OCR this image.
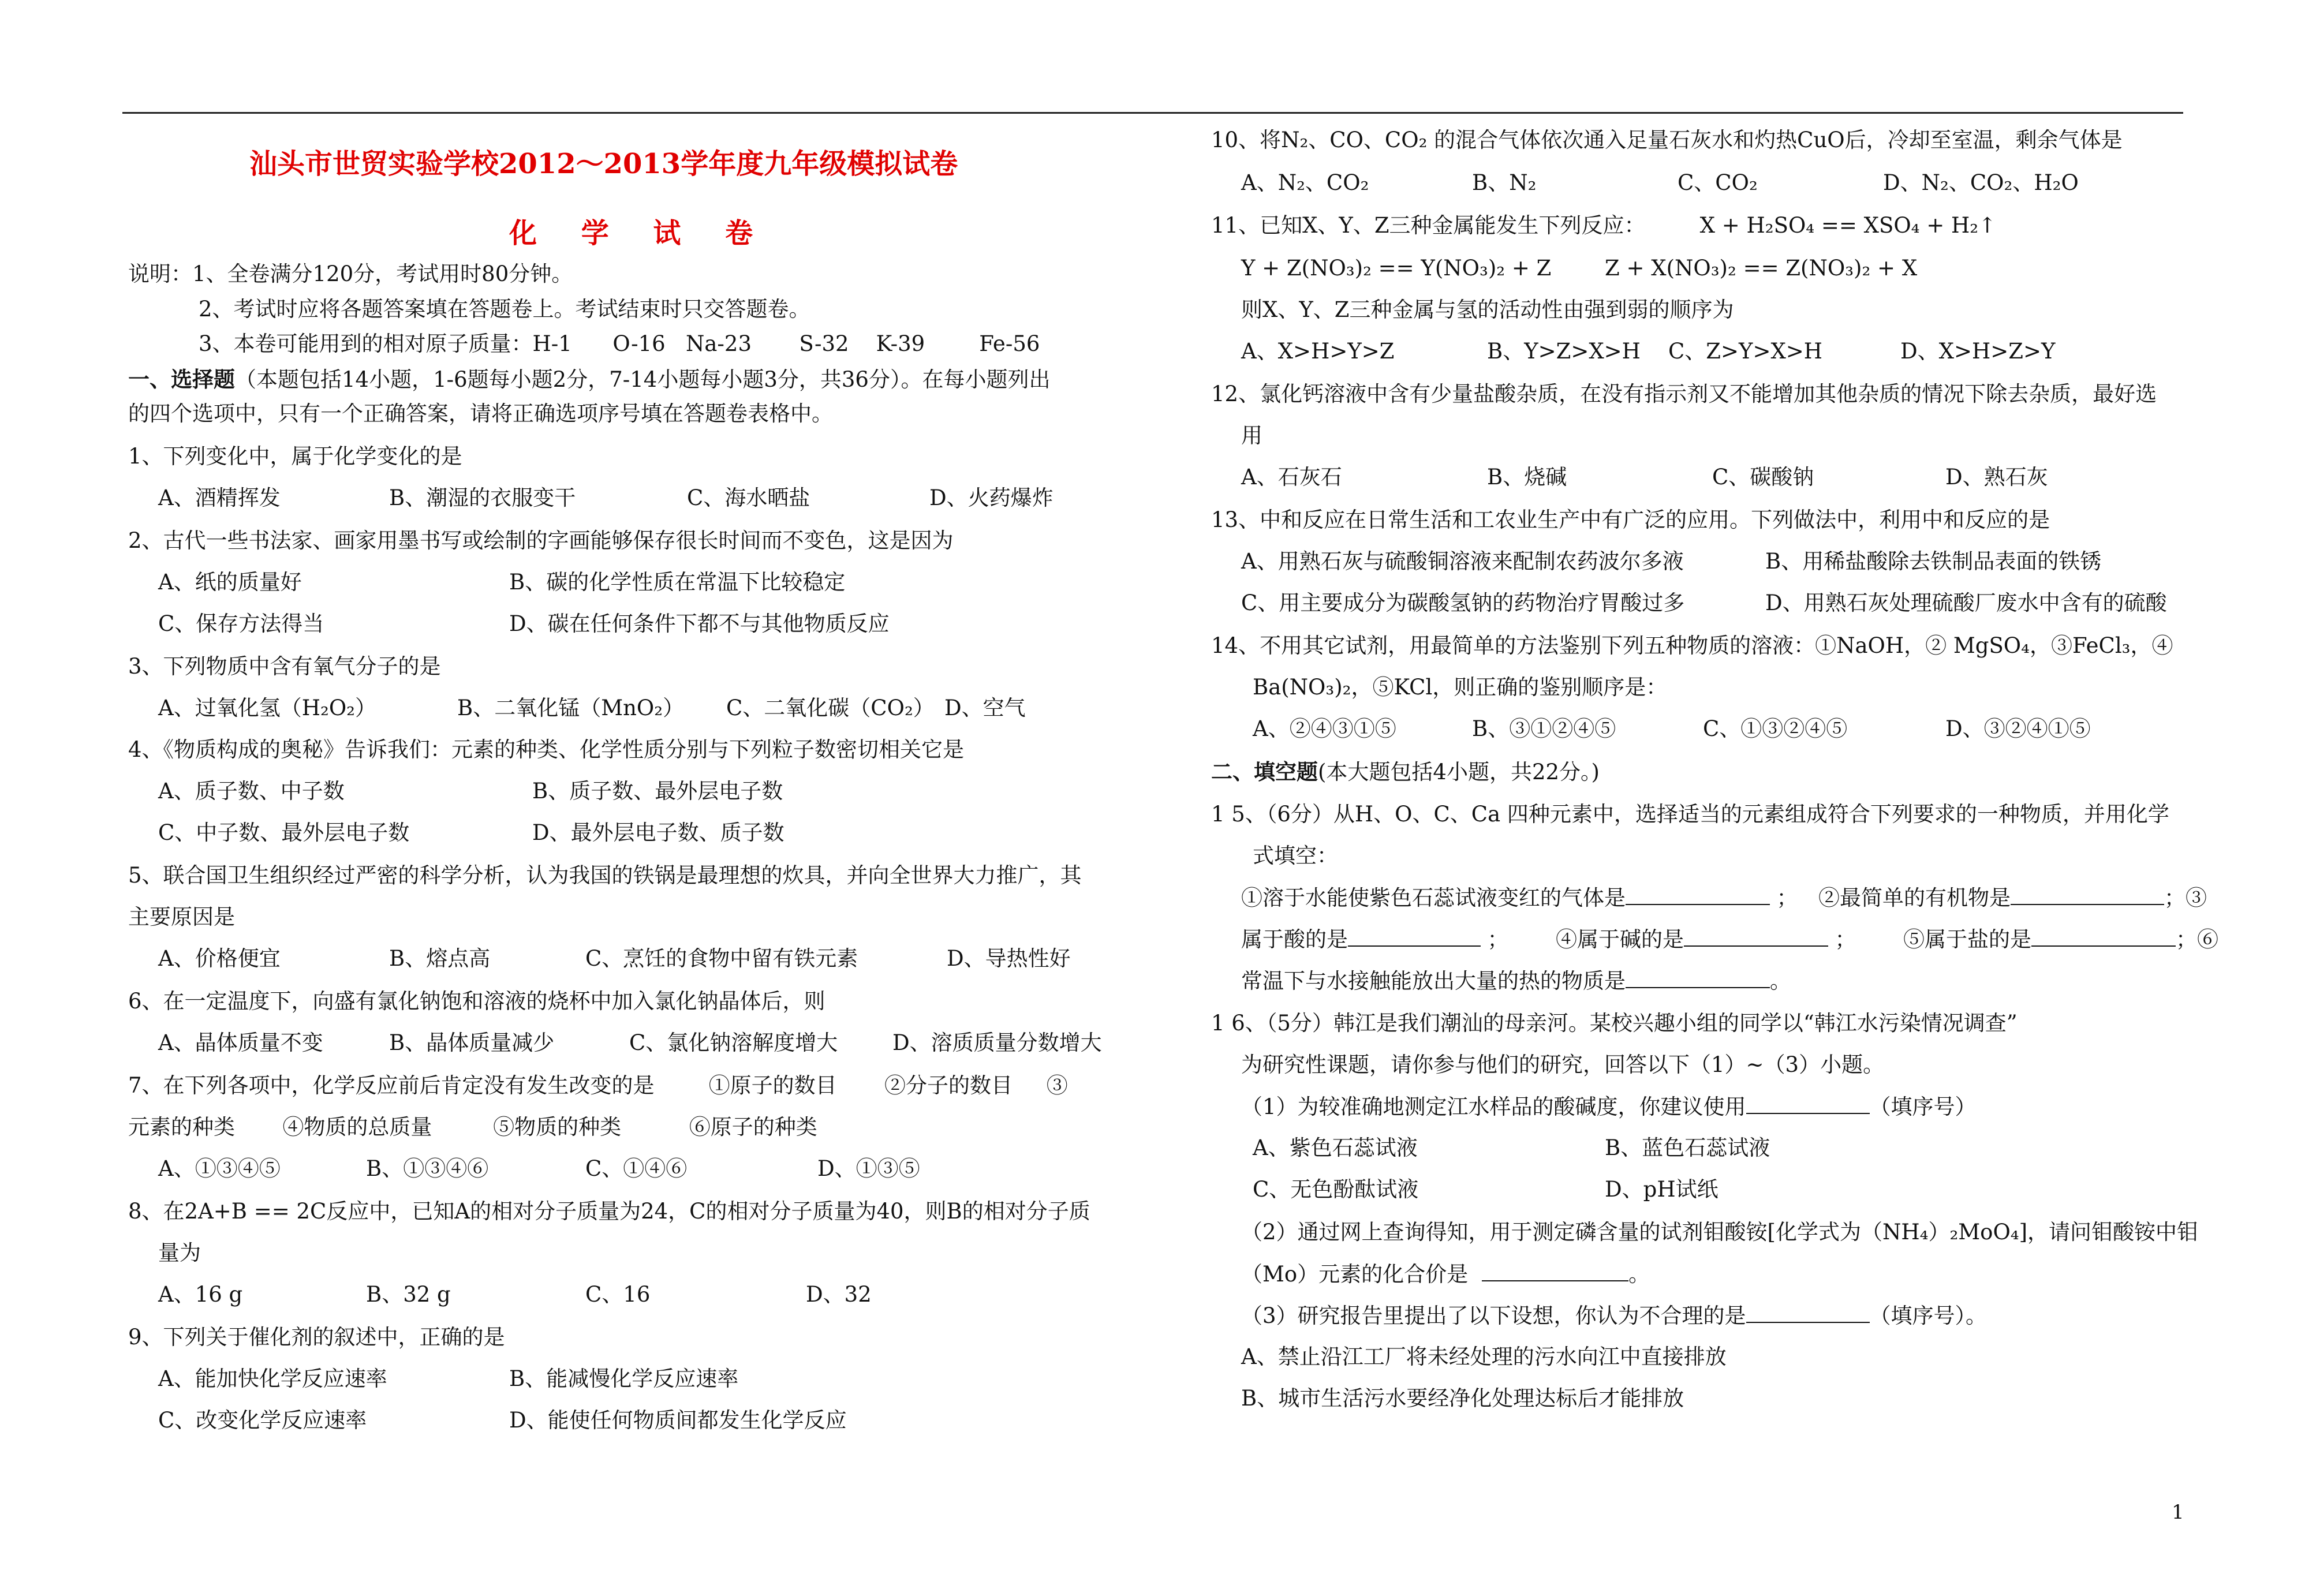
汕头市世贸实验学校2012～2013学年度九年级模拟试卷
化 学 试 卷
说明：1、全卷满分120分，考试用时80分钟。
2、考试时应将各题答案填在答题卷上。考试结束时只交答题卷。
3、本卷可能用到的相对原子质量：H-1      O-16   Na-23       S-32    K-39        Fe-56
一、选择题（本题包括14小题，1-6题每小题2分，7-14小题每小题3分，共36分）。在每小题列出
的四个选项中，只有一个正确答案，请将正确选项序号填在答题卷表格中。
1、下列变化中，属于化学变化的是
A、酒精挥发	B、潮湿的衣服变干	C、海水晒盐	D、火药爆炸
2、古代一些书法家、画家用墨书写或绘制的字画能够保存很长时间而不变色，这是因为
A、纸的质量好	B、碳的化学性质在常温下比较稳定
C、保存方法得当	D、碳在任何条件下都不与其他物质反应
3、下列物质中含有氧气分子的是
A、过氧化氢（H₂O₂）	B、二氧化锰（MnO₂） C、二氧化碳（CO₂） D、空气
4、《物质构成的奥秘》告诉我们：元素的种类、化学性质分别与下列粒子数密切相关它是
A、质子数、中子数	B、质子数、最外层电子数
C、中子数、最外层电子数	D、最外层电子数、质子数
5、联合国卫生组织经过严密的科学分析，认为我国的铁锅是最理想的炊具，并向全世界大力推广，其
主要原因是
A、价格便宜	B、熔点高	C、烹饪的食物中留有铁元素	D、导热性好
6、在一定温度下，向盛有氯化钠饱和溶液的烧杯中加入氯化钠晶体后，则
A、晶体质量不变	B、晶体质量减少	C、氯化钠溶解度增大	D、溶质质量分数增大
7、在下列各项中，化学反应前后肯定没有发生改变的是        ①原子的数目       ②分子的数目     ③
元素的种类       ④物质的总质量         ⑤物质的种类          ⑥原子的种类
A、①③④⑤	B、①③④⑥	C、①④⑥	D、①③⑤
8、在2A+B == 2C反应中，已知A的相对分子质量为24，C的相对分子质量为40，则B的相对分子质
量为
A、16 g	B、32 g	C、16	D、32
9、下列关于催化剂的叙述中，正确的是
A、能加快化学反应速率	B、能减慢化学反应速率
C、改变化学反应速率	D、能使任何物质间都发生化学反应
10、将N₂、CO、CO₂ 的混合气体依次通入足量石灰水和灼热CuO后，冷却至室温，剩余气体是
A、N₂、CO₂	B、N₂	C、CO₂	D、N₂、CO₂、H₂O
11、已知X、Y、Z三种金属能发生下列反应：        X + H₂SO₄ == XSO₄ + H₂↑
Y + Z(NO₃)₂ == Y(NO₃)₂ + Z	Z + X(NO₃)₂ == Z(NO₃)₂ + X
则X、Y、Z三种金属与氢的活动性由强到弱的顺序为
A、X>H>Y>Z	B、Y>Z>X>H C、Z>Y>X>H	D、X>H>Z>Y
12、氯化钙溶液中含有少量盐酸杂质，在没有指示剂又不能增加其他杂质的情况下除去杂质，最好选
用
A、石灰石	B、烧碱	C、碳酸钠	D、熟石灰
13、中和反应在日常生活和工农业生产中有广泛的应用。下列做法中，利用中和反应的是
A、用熟石灰与硫酸铜溶液来配制农药波尔多液	B、用稀盐酸除去铁制品表面的铁锈
C、用主要成分为碳酸氢钠的药物治疗胃酸过多	D、用熟石灰处理硫酸厂废水中含有的硫酸
14、不用其它试剂，用最简单的方法鉴别下列五种物质的溶液：①NaOH，② MgSO₄，③FeCl₃，④
Ba(NO₃)₂，⑤KCl，则正确的鉴别顺序是：
A、②④③①⑤	B、③①②④⑤	C、①③②④⑤	D、③②④①⑤
二、填空题(本大题包括4小题，共22分。)
1 5、（6分）从H、O、C、Ca 四种元素中，选择适当的元素组成符合下列要求的一种物质，并用化学
式填空：
①溶于水能使紫色石蕊试液变红的气体是	； ②最简单的有机物是	；③
属于酸的是	； ④属于碱的是	； ⑤属于盐的是	；⑥
常温下与水接触能放出大量的热的物质是	。
1 6、（5分）韩江是我们潮汕的母亲河。某校兴趣小组的同学以“韩江水污染情况调查”
为研究性课题，请你参与他们的研究，回答以下（1）~（3）小题。
（1）为较准确地测定江水样品的酸碱度，你建议使用	（填序号）
A、紫色石蕊试液	B、蓝色石蕊试液
C、无色酚酞试液	D、pH试纸
（2）通过网上查询得知，用于测定磷含量的试剂钼酸铵[化学式为（NH₄）₂MoO₄]，请问钼酸铵中钼
（Mo）元素的化合价是	。
（3）研究报告里提出了以下设想，你认为不合理的是	（填序号）。
A、禁止沿江工厂将未经处理的污水向江中直接排放
B、城市生活污水要经净化处理达标后才能排放
1
